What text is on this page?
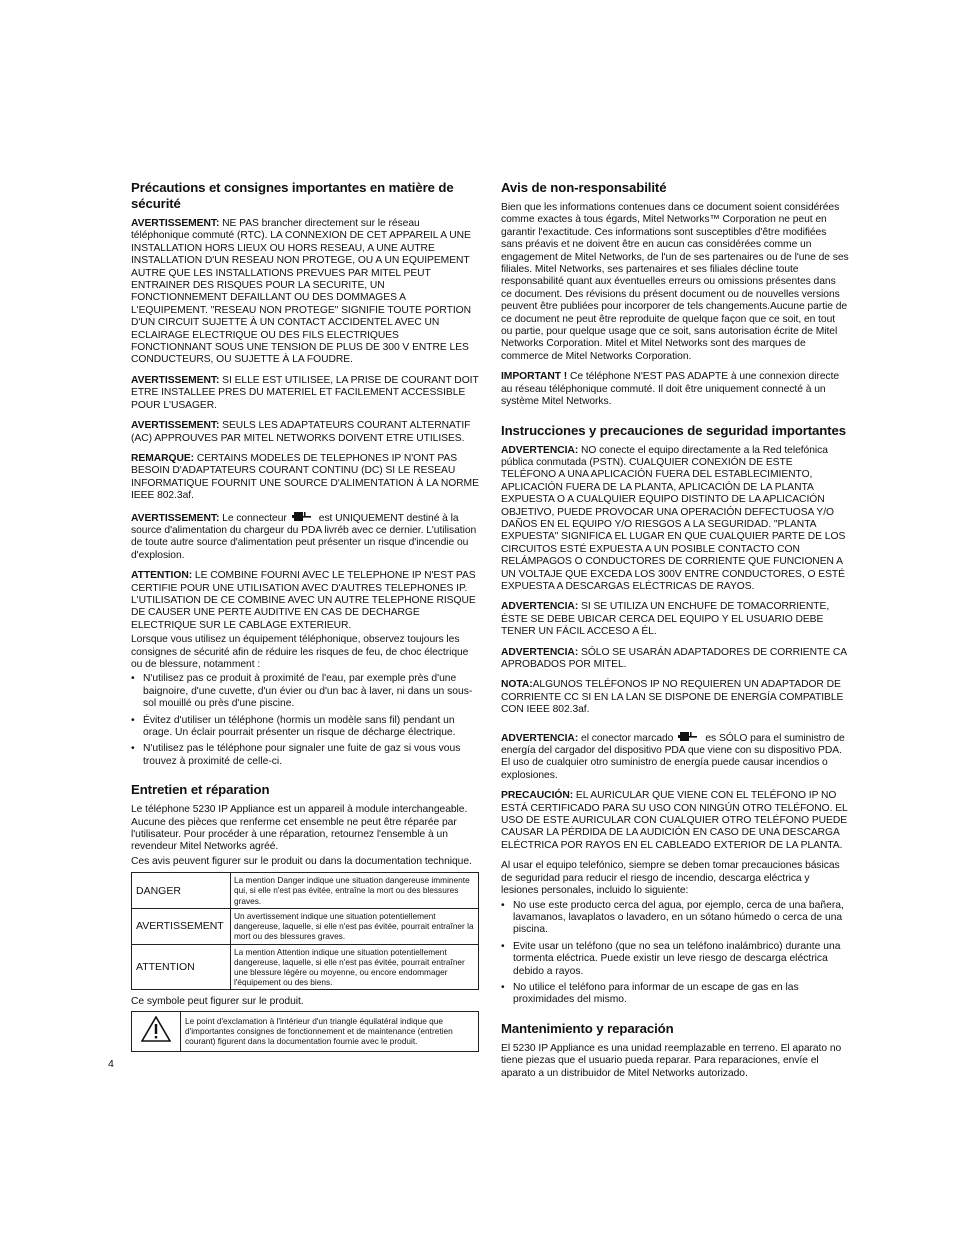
Précautions et consignes importantes en matière de sécurité

AVERTISSEMENT: NE PAS brancher directement sur le réseau téléphonique commuté (RTC). LA CONNEXION DE CET APPAREIL A UNE INSTALLATION HORS LIEUX OU HORS RESEAU, A UNE AUTRE INSTALLATION D'UN RESEAU NON PROTEGE, OU A UN EQUIPEMENT AUTRE QUE LES INSTALLATIONS PREVUES PAR MITEL PEUT ENTRAINER DES RISQUES POUR LA SECURITE, UN FONCTIONNEMENT DEFAILLANT OU DES DOMMAGES A L'EQUIPEMENT. "RESEAU NON PROTEGE" SIGNIFIE TOUTE PORTION D'UN CIRCUIT SUJETTE À UN CONTACT ACCIDENTEL AVEC UN ECLAIRAGE ELECTRIQUE OU DES FILS ELECTRIQUES FONCTIONNANT SOUS UNE TENSION DE PLUS DE 300 V ENTRE LES CONDUCTEURS, OU SUJETTE À LA FOUDRE.

AVERTISSEMENT: SI ELLE EST UTILISEE, LA PRISE DE COURANT DOIT ETRE INSTALLEE PRES DU MATERIEL ET FACILEMENT ACCESSIBLE POUR L'USAGER.

AVERTISSEMENT: SEULS LES ADAPTATEURS COURANT ALTERNATIF (AC) APPROUVES PAR MITEL NETWORKS DOIVENT ETRE UTILISES.

REMARQUE: CERTAINS MODELES DE TELEPHONES IP N'ONT PAS BESOIN D'ADAPTATEURS COURANT CONTINU (DC) SI LE RESEAU INFORMATIQUE FOURNIT UNE SOURCE D'ALIMENTATION À LA NORME IEEE 802.3af.

AVERTISSEMENT: Le connecteur	est UNIQUEMENT destiné à la source d'alimentation du chargeur du PDA livréb avec ce dernier. L'utilisation de toute autre source d'alimentation peut présenter un risque d'incendie ou d'explosion.

ATTENTION: LE COMBINE FOURNI AVEC LE TELEPHONE IP N'EST PAS CERTIFIE POUR UNE UTILISATION AVEC D'AUTRES TELEPHONES IP. L'UTILISATION DE CE COMBINE AVEC UN AUTRE TELEPHONE RISQUE DE CAUSER UNE PERTE AUDITIVE EN CAS DE DECHARGE ELECTRIQUE SUR LE CABLAGE EXTERIEUR.

Lorsque vous utilisez un équipement téléphonique, observez toujours les consignes de sécurité afin de réduire les risques de feu, de choc électrique ou de blessure, notamment :

• N'utilisez pas ce produit à proximité de l'eau, par exemple près d'une baignoire, d'une cuvette, d'un évier ou d'un bac à laver, ni dans un sous-sol mouillé ou près d'une piscine.
• Évitez d'utiliser un téléphone (hormis un modèle sans fil) pendant un orage. Un éclair pourrait présenter un risque de décharge électrique.
• N'utilisez pas le téléphone pour signaler une fuite de gaz si vous vous trouvez à proximité de celle-ci.
Entretien et réparation

Le téléphone 5230 IP Appliance est un appareil à module interchangeable. Aucune des pièces que renferme cet ensemble ne peut être réparée par l'utilisateur. Pour procéder à une réparation, retournez l'ensemble à un revendeur Mitel Networks agréé.

Ces avis peuvent figurer sur le produit ou dans la documentation technique.

DANGER	La mention Danger indique une situation dangereuse imminente qui, si elle n'est pas évitée, entraîne la mort ou des blessures graves.
AVERTISSEMENT	Un avertissement indique une situation potentiellement dangereuse, laquelle, si elle n'est pas évitée, pourrait entraîner la mort ou des blessures graves.
ATTENTION	La mention Attention indique une situation potentiellement dangereuse, laquelle, si elle n'est pas évitée, pourrait entraîner une blessure légère ou moyenne, ou encore endommager l'équipement ou des biens.

Ce symbole peut figurer sur le produit.

	Le point d'exclamation à l'intérieur d'un triangle équilatéral indique que d'importantes consignes de fonctionnement et de maintenance (entretien courant) figurent dans la documentation fournie avec le produit.
Avis de non-responsabilité

Bien que les informations contenues dans ce document soient considérées comme exactes à tous égards, Mitel Networks™ Corporation ne peut en garantir l'exactitude. Ces informations sont susceptibles d'être modifiées sans préavis et ne doivent être en aucun cas considérées comme un engagement de Mitel Networks, de l'un de ses partenaires ou de l'une de ses filiales. Mitel Networks, ses partenaires et ses filiales décline toute responsabilité quant aux éventuelles erreurs ou omissions présentes dans ce document. Des révisions du présent document ou de nouvelles versions peuvent être publiées pour incorporer de tels changements.Aucune partie de ce document ne peut être reproduite de quelque façon que ce soit, en tout ou partie, pour quelque usage que ce soit, sans autorisation écrite de Mitel Networks Corporation. Mitel et Mitel Networks sont des marques de commerce de Mitel Networks Corporation.

IMPORTANT ! Ce téléphone N'EST PAS ADAPTE à une connexion directe au réseau téléphonique commuté. Il doit être uniquement connecté à un système Mitel Networks.

Instrucciones y precauciones de seguridad importantes

ADVERTENCIA: NO conecte el equipo directamente a la Red telefónica pública conmutada (PSTN). CUALQUIER CONEXIÓN DE ESTE TELÉFONO A UNA APLICACIÓN FUERA DEL ESTABLECIMIENTO, APLICACIÓN FUERA DE LA PLANTA, APLICACIÓN DE LA PLANTA EXPUESTA O A CUALQUIER EQUIPO DISTINTO DE LA APLICACIÓN OBJETIVO, PUEDE PROVOCAR UNA OPERACIÓN DEFECTUOSA Y/O DAÑOS EN EL EQUIPO Y/O RIESGOS A LA SEGURIDAD. "PLANTA EXPUESTA" SIGNIFICA EL LUGAR EN QUE CUALQUIER PARTE DE LOS CIRCUITOS ESTÉ EXPUESTA A UN POSIBLE CONTACTO CON RELÁMPAGOS O CONDUCTORES DE CORRIENTE QUE FUNCIONEN A UN VOLTAJE QUE EXCEDA LOS 300V ENTRE CONDUCTORES, O ESTÉ EXPUESTA A DESCARGAS ELÉCTRICAS DE RAYOS.

ADVERTENCIA: SI SE UTILIZA UN ENCHUFE DE TOMACORRIENTE, ÉSTE SE DEBE UBICAR CERCA DEL EQUIPO Y EL USUARIO DEBE TENER UN FÁCIL ACCESO A ÉL.

ADVERTENCIA: SÓLO SE USARÁN ADAPTADORES DE CORRIENTE CA APROBADOS POR MITEL.

NOTA:ALGUNOS TELÉFONOS IP NO REQUIEREN UN ADAPTADOR DE CORRIENTE CC SI EN LA LAN SE DISPONE DE ENERGÍA COMPATIBLE CON IEEE 802.3af.

ADVERTENCIA: el conector marcado	es SÓLO para el suministro de energía del cargador del dispositivo PDA que viene con su dispositivo PDA. El uso de cualquier otro suministro de energía puede causar incendios o explosiones.

PRECAUCIÓN: EL AURICULAR QUE VIENE CON EL TELÉFONO IP NO ESTÁ CERTIFICADO PARA SU USO CON NINGÚN OTRO TELÉFONO. EL USO DE ESTE AURICULAR CON CUALQUIER OTRO TELÉFONO PUEDE CAUSAR LA PÉRDIDA DE LA AUDICIÓN EN CASO DE UNA DESCARGA ELÉCTRICA POR RAYOS EN EL CABLEADO EXTERIOR DE LA PLANTA.

Al usar el equipo telefónico, siempre se deben tomar precauciones básicas de seguridad para reducir el riesgo de incendio, descarga eléctrica y lesiones personales, incluido lo siguiente:

• No use este producto cerca del agua, por ejemplo, cerca de una bañera, lavamanos, lavaplatos o lavadero, en un sótano húmedo o cerca de una piscina.
• Evite usar un teléfono (que no sea un teléfono inalámbrico) durante una tormenta eléctrica. Puede existir un leve riesgo de descarga eléctrica debido a rayos.
• No utilice el teléfono para informar de un escape de gas en las proximidades del mismo.
Mantenimiento y reparación

El 5230 IP Appliance es una unidad reemplazable en terreno. El aparato no tiene piezas que el usuario pueda reparar. Para reparaciones, envíe el aparato a un distribuidor de Mitel Networks autorizado.

4
